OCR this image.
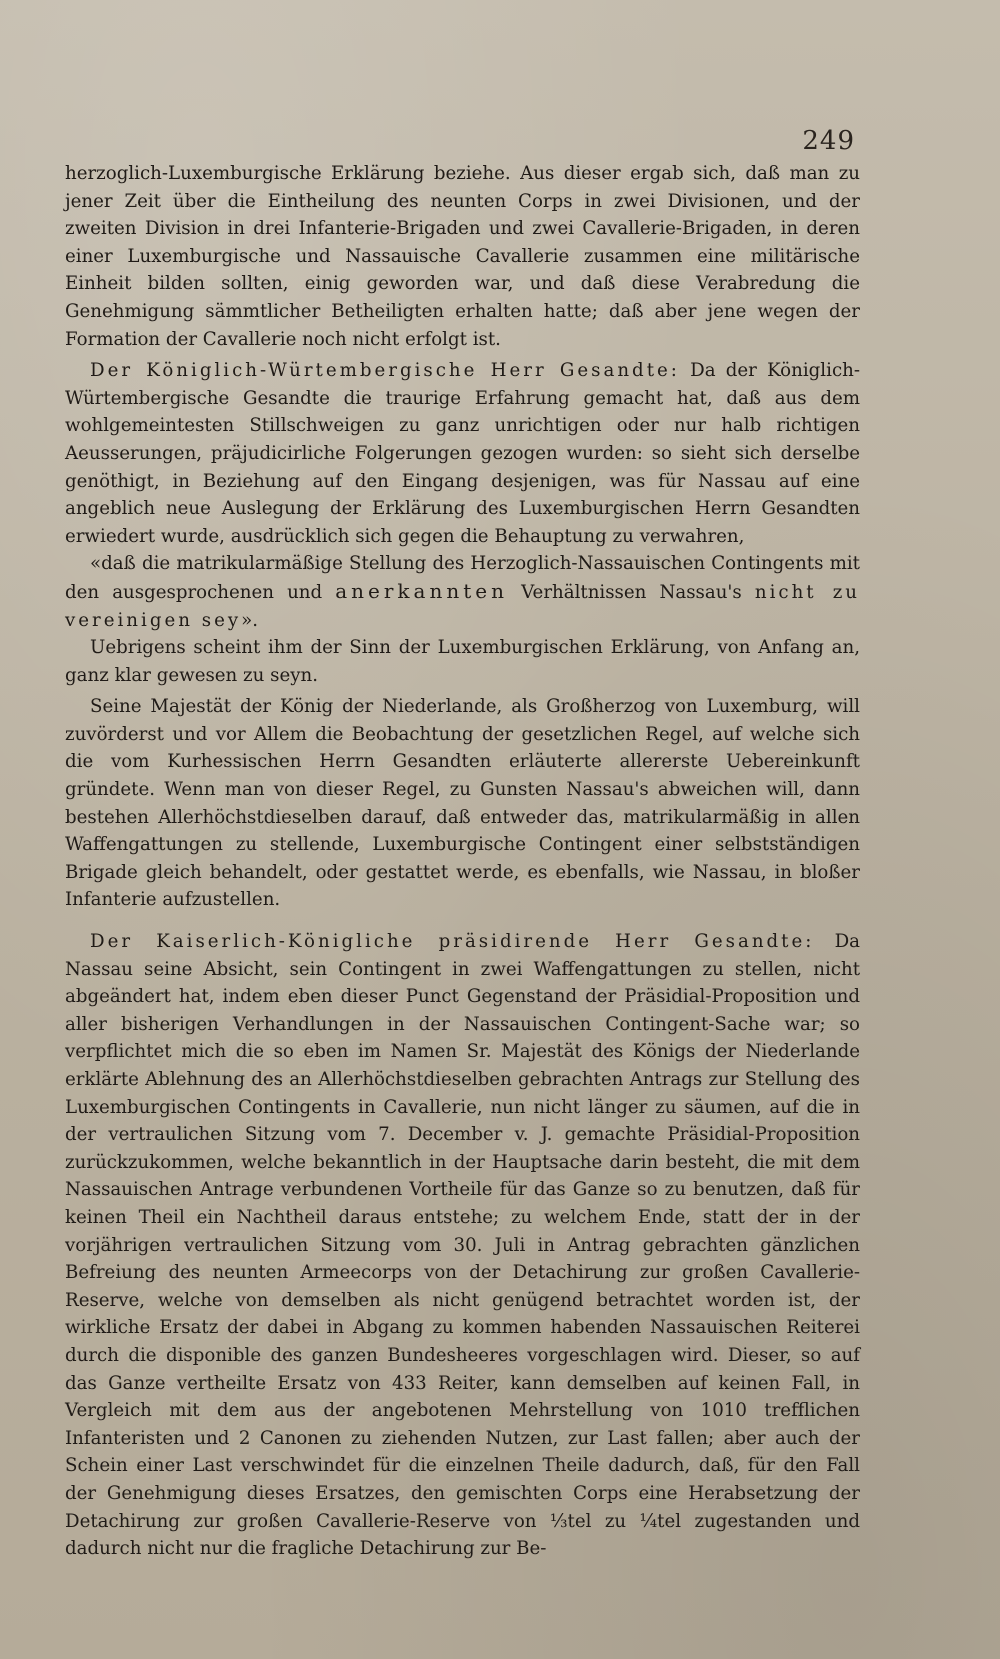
249

herzoglich-Luxemburgische Erklärung beziehe. Aus dieser ergab sich, daß man zu jener Zeit über die Eintheilung des neunten Corps in zwei Divisionen, und der zweiten Division in drei Infanterie-Brigaden und zwei Cavallerie-Brigaden, in deren einer Luxemburgische und Nassauische Cavallerie zusammen eine militärische Einheit bilden sollten, einig geworden war, und daß diese Verabredung die Genehmigung sämmtlicher Betheiligten erhalten hatte; daß aber jene wegen der Formation der Cavallerie noch nicht erfolgt ist.

Der Königlich-Würtembergische Herr Gesandte: Da der Königlich-Würtembergische Gesandte die traurige Erfahrung gemacht hat, daß aus dem wohlgemeintesten Stillschweigen zu ganz unrichtigen oder nur halb richtigen Aeusserungen, präjudicirliche Folgerungen gezogen wurden: so sieht sich derselbe genöthigt, in Beziehung auf den Eingang desjenigen, was für Nassau auf eine angeblich neue Auslegung der Erklärung des Luxemburgischen Herrn Gesandten erwiedert wurde, ausdrücklich sich gegen die Behauptung zu verwahren,

«daß die matrikularmäßige Stellung des Herzoglich-Nassauischen Contingents mit den ausgesprochenen und anerkannten Verhältnissen Nassau's nicht zu vereinigen sey».

Uebrigens scheint ihm der Sinn der Luxemburgischen Erklärung, von Anfang an, ganz klar gewesen zu seyn.

Seine Majestät der König der Niederlande, als Großherzog von Luxemburg, will zuvörderst und vor Allem die Beobachtung der gesetzlichen Regel, auf welche sich die vom Kurhessischen Herrn Gesandten erläuterte allererste Uebereinkunft gründete. Wenn man von dieser Regel, zu Gunsten Nassau's abweichen will, dann bestehen Allerhöchstdieselben darauf, daß entweder das, matrikularmäßig in allen Waffengattungen zu stellende, Luxemburgische Contingent einer selbstständigen Brigade gleich behandelt, oder gestattet werde, es ebenfalls, wie Nassau, in bloßer Infanterie aufzustellen.

Der Kaiserlich-Königliche präsidirende Herr Gesandte: Da Nassau seine Absicht, sein Contingent in zwei Waffengattungen zu stellen, nicht abgeändert hat, indem eben dieser Punct Gegenstand der Präsidial-Proposition und aller bisherigen Verhandlungen in der Nassauischen Contingent-Sache war; so verpflichtet mich die so eben im Namen Sr. Majestät des Königs der Niederlande erklärte Ablehnung des an Allerhöchstdieselben gebrachten Antrags zur Stellung des Luxemburgischen Contingents in Cavallerie, nun nicht länger zu säumen, auf die in der vertraulichen Sitzung vom 7. December v. J. gemachte Präsidial-Proposition zurückzukommen, welche bekanntlich in der Hauptsache darin besteht, die mit dem Nassauischen Antrage verbundenen Vortheile für das Ganze so zu benutzen, daß für keinen Theil ein Nachtheil daraus entstehe; zu welchem Ende, statt der in der vorjährigen vertraulichen Sitzung vom 30. Juli in Antrag gebrachten gänzlichen Befreiung des neunten Armeecorps von der Detachirung zur großen Cavallerie-Reserve, welche von demselben als nicht genügend betrachtet worden ist, der wirkliche Ersatz der dabei in Abgang zu kommen habenden Nassauischen Reiterei durch die disponible des ganzen Bundesheeres vorgeschlagen wird. Dieser, so auf das Ganze vertheilte Ersatz von 433 Reiter, kann demselben auf keinen Fall, in Vergleich mit dem aus der angebotenen Mehrstellung von 1010 trefflichen Infanteristen und 2 Canonen zu ziehenden Nutzen, zur Last fallen; aber auch der Schein einer Last verschwindet für die einzelnen Theile dadurch, daß, für den Fall der Genehmigung dieses Ersatzes, den gemischten Corps eine Herabsetzung der Detachirung zur großen Cavallerie-Reserve von ⅓tel zu ¼tel zugestanden und dadurch nicht nur die fragliche Detachirung zur Be-
